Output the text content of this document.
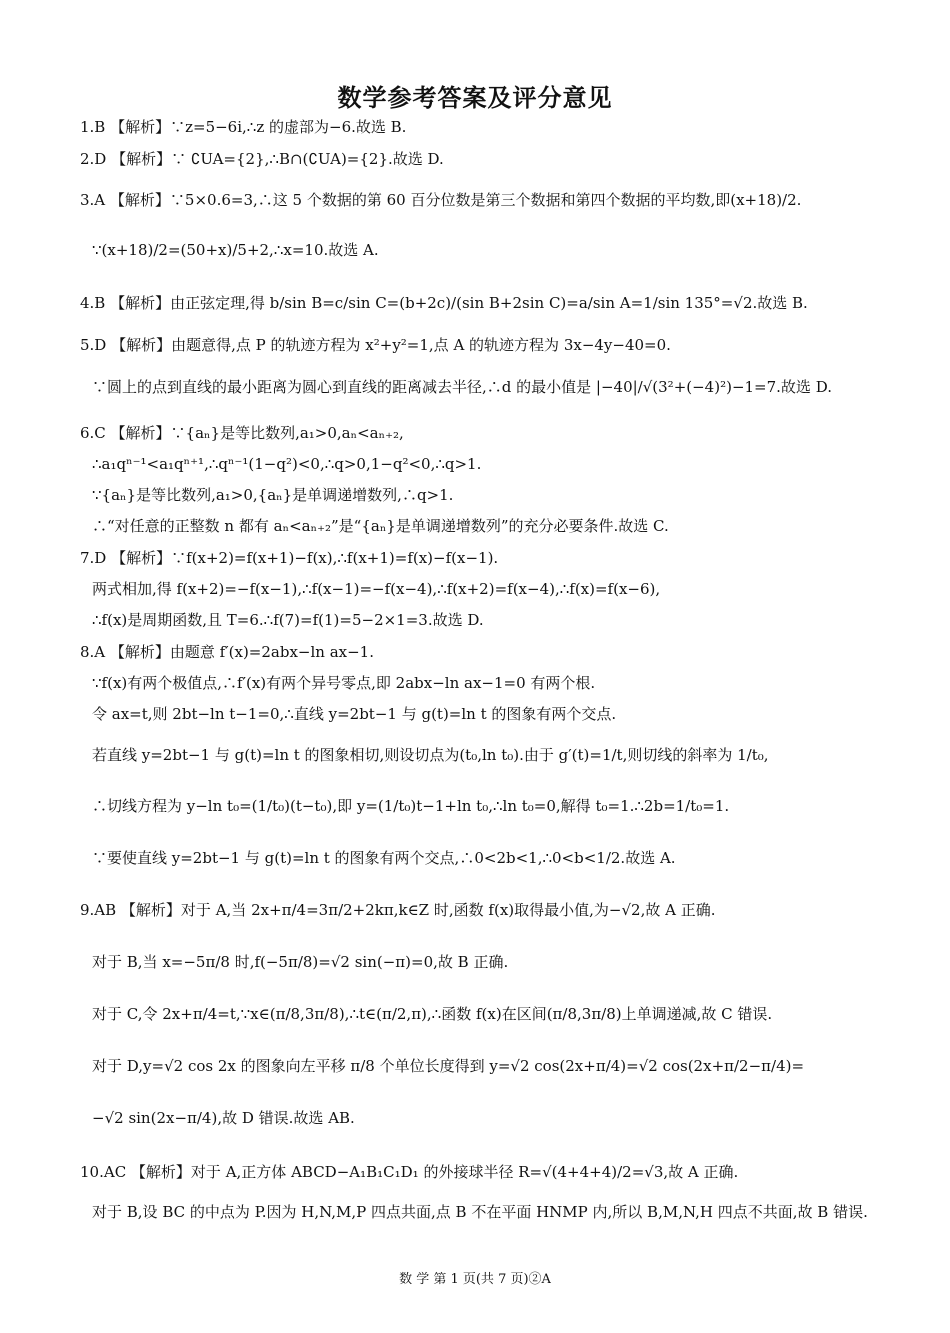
数学参考答案及评分意见
1.B 【解析】∵z=5−6i,∴z 的虚部为−6.故选 B.
2.D 【解析】∵ ∁UA={2},∴B∩(∁UA)={2}.故选 D.
3.A 【解析】∵5×0.6=3,∴这 5 个数据的第 60 百分位数是第三个数据和第四个数据的平均数,即(x+18)/2.
∵(x+18)/2=(50+x)/5+2,∴x=10.故选 A.
4.B 【解析】由正弦定理,得 b/sin B=c/sin C=(b+2c)/(sin B+2sin C)=a/sin A=1/sin 135°=√2.故选 B.
5.D 【解析】由题意得,点 P 的轨迹方程为 x²+y²=1,点 A 的轨迹方程为 3x−4y−40=0.
∵圆上的点到直线的最小距离为圆心到直线的距离减去半径,∴d 的最小值是 |−40|/√(3²+(−4)²)−1=7.故选 D.
6.C 【解析】∵{aₙ}是等比数列,a₁>0,aₙ<aₙ₊₂,
∴a₁qⁿ⁻¹<a₁qⁿ⁺¹,∴qⁿ⁻¹(1−q²)<0,∴q>0,1−q²<0,∴q>1.
∵{aₙ}是等比数列,a₁>0,{aₙ}是单调递增数列,∴q>1.
∴“对任意的正整数 n 都有 aₙ<aₙ₊₂”是“{aₙ}是单调递增数列”的充分必要条件.故选 C.
7.D 【解析】∵f(x+2)=f(x+1)−f(x),∴f(x+1)=f(x)−f(x−1).
两式相加,得 f(x+2)=−f(x−1),∴f(x−1)=−f(x−4),∴f(x+2)=f(x−4),∴f(x)=f(x−6),
∴f(x)是周期函数,且 T=6.∴f(7)=f(1)=5−2×1=3.故选 D.
8.A 【解析】由题意 f′(x)=2abx−ln ax−1.
∵f(x)有两个极值点,∴f′(x)有两个异号零点,即 2abx−ln ax−1=0 有两个根.
令 ax=t,则 2bt−ln t−1=0,∴直线 y=2bt−1 与 g(t)=ln t 的图象有两个交点.
若直线 y=2bt−1 与 g(t)=ln t 的图象相切,则设切点为(t₀,ln t₀).由于 g′(t)=1/t,则切线的斜率为 1/t₀,
∴切线方程为 y−ln t₀=(1/t₀)(t−t₀),即 y=(1/t₀)t−1+ln t₀,∴ln t₀=0,解得 t₀=1.∴2b=1/t₀=1.
∵要使直线 y=2bt−1 与 g(t)=ln t 的图象有两个交点,∴0<2b<1,∴0<b<1/2.故选 A.
9.AB 【解析】对于 A,当 2x+π/4=3π/2+2kπ,k∈Z 时,函数 f(x)取得最小值,为−√2,故 A 正确.
对于 B,当 x=−5π/8 时,f(−5π/8)=√2 sin(−π)=0,故 B 正确.
对于 C,令 2x+π/4=t,∵x∈(π/8,3π/8),∴t∈(π/2,π),∴函数 f(x)在区间(π/8,3π/8)上单调递减,故 C 错误.
对于 D,y=√2 cos 2x 的图象向左平移 π/8 个单位长度得到 y=√2 cos(2x+π/4)=√2 cos(2x+π/2−π/4)=
−√2 sin(2x−π/4),故 D 错误.故选 AB.
10.AC 【解析】对于 A,正方体 ABCD−A₁B₁C₁D₁ 的外接球半径 R=√(4+4+4)/2=√3,故 A 正确.
对于 B,设 BC 的中点为 P.因为 H,N,M,P 四点共面,点 B 不在平面 HNMP 内,所以 B,M,N,H 四点不共面,故 B 错误.
数 学 第 1 页(共 7 页)②A
